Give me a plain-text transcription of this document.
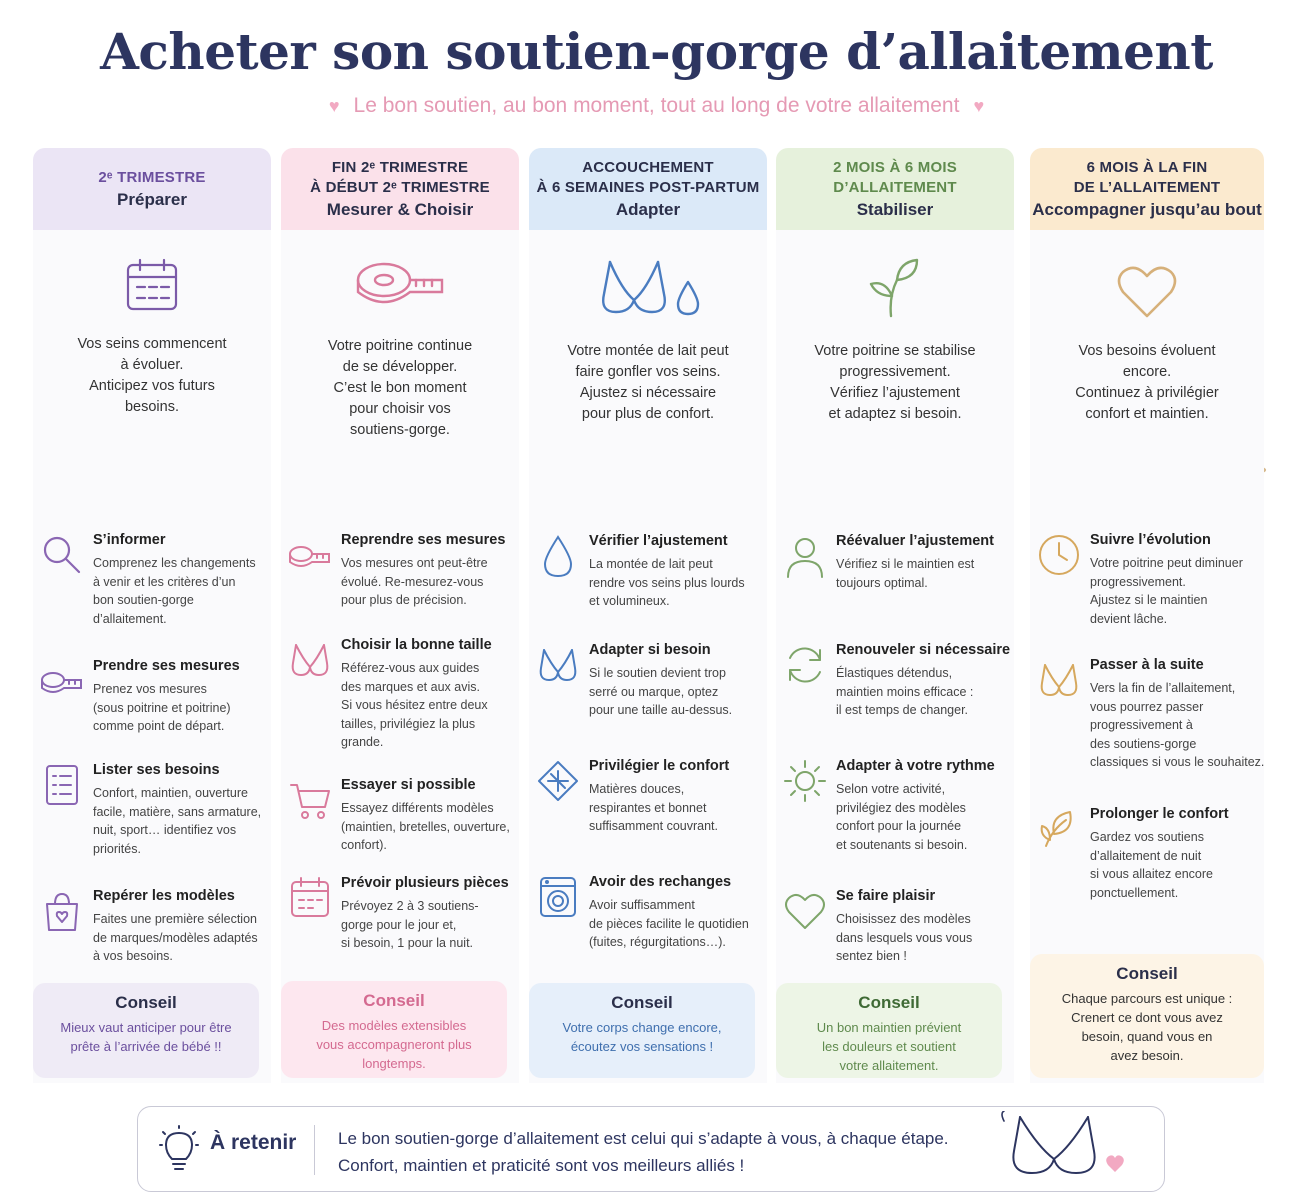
Acheter son soutien-gorge d’allaitement
♥ Le bon soutien, au bon moment, tout au long de votre allaitement ♥
2ᵉ TRIMESTRE
Préparer
Vos seins commencent
à évoluer.
Anticipez vos futurs
besoins.
S’informer
Comprenez les changements
à venir et les critères d’un
bon soutien-gorge
d’allaitement.
Prendre ses mesures
Prenez vos mesures
(sous poitrine et poitrine)
comme point de départ.
Lister ses besoins
Confort, maintien, ouverture
facile, matière, sans armature,
nuit, sport… identifiez vos
priorités.
Repérer les modèles
Faites une première sélection
de marques/modèles adaptés
à vos besoins.
Conseil
Mieux vaut anticiper pour être
prête à l’arrivée de bébé !!
FIN 2ᵉ TRIMESTRE
À DÉBUT 2ᵉ TRIMESTRE
Mesurer & Choisir
Votre poitrine continue
de se développer.
C’est le bon moment
pour choisir vos
soutiens-gorge.
Reprendre ses mesures
Vos mesures ont peut-être
évolué. Re-mesurez-vous
pour plus de précision.
Choisir la bonne taille
Référez-vous aux guides
des marques et aux avis.
Si vous hésitez entre deux
tailles, privilégiez la plus
grande.
Essayer si possible
Essayez différents modèles
(maintien, bretelles, ouverture,
confort).
Prévoir plusieurs pièces
Prévoyez 2 à 3 soutiens-
gorge pour le jour et,
si besoin, 1 pour la nuit.
Conseil
Des modèles extensibles
vous accompagneront plus
longtemps.
ACCOUCHEMENT
À 6 SEMAINES POST-PARTUM
Adapter
Votre montée de lait peut
faire gonfler vos seins.
Ajustez si nécessaire
pour plus de confort.
Vérifier l’ajustement
La montée de lait peut
rendre vos seins plus lourds
et volumineux.
Adapter si besoin
Si le soutien devient trop
serré ou marque, optez
pour une taille au-dessus.
Privilégier le confort
Matières douces,
respirantes et bonnet
suffisamment couvrant.
Avoir des rechanges
Avoir suffisamment
de pièces facilite le quotidien
(fuites, régurgitations…).
Conseil
Votre corps change encore,
écoutez vos sensations !
2 MOIS À 6 MOIS
D’ALLAITEMENT
Stabiliser
Votre poitrine se stabilise
progressivement.
Vérifiez l’ajustement
et adaptez si besoin.
Réévaluer l’ajustement
Vérifiez si le maintien est
toujours optimal.
Renouveler si nécessaire
Élastiques détendus,
maintien moins efficace :
il est temps de changer.
Adapter à votre rythme
Selon votre activité,
privilégiez des modèles
confort pour la journée
et soutenants si besoin.
Se faire plaisir
Choisissez des modèles
dans lesquels vous vous
sentez bien !
Conseil
Un bon maintien prévient
les douleurs et soutient
votre allaitement.
6 MOIS À LA FIN
DE L’ALLAITEMENT
Accompagner jusqu’au bout
Vos besoins évoluent
encore.
Continuez à privilégier
confort et maintien.
Suivre l’évolution
Votre poitrine peut diminuer
progressivement.
Ajustez si le maintien
devient lâche.
Passer à la suite
Vers la fin de l’allaitement,
vous pourrez passer
progressivement à
des soutiens-gorge
classiques si vous le souhaitez.
Prolonger le confort
Gardez vos soutiens
d’allaitement de nuit
si vous allaitez encore
ponctuellement.
Conseil
Chaque parcours est unique :
Crenert ce dont vous avez
besoin, quand vous en
avez besoin.
À retenir Le bon soutien-gorge d’allaitement est celui qui s’adapte à vous, à chaque étape.
Confort, maintien et praticité sont vos meilleurs alliés !
